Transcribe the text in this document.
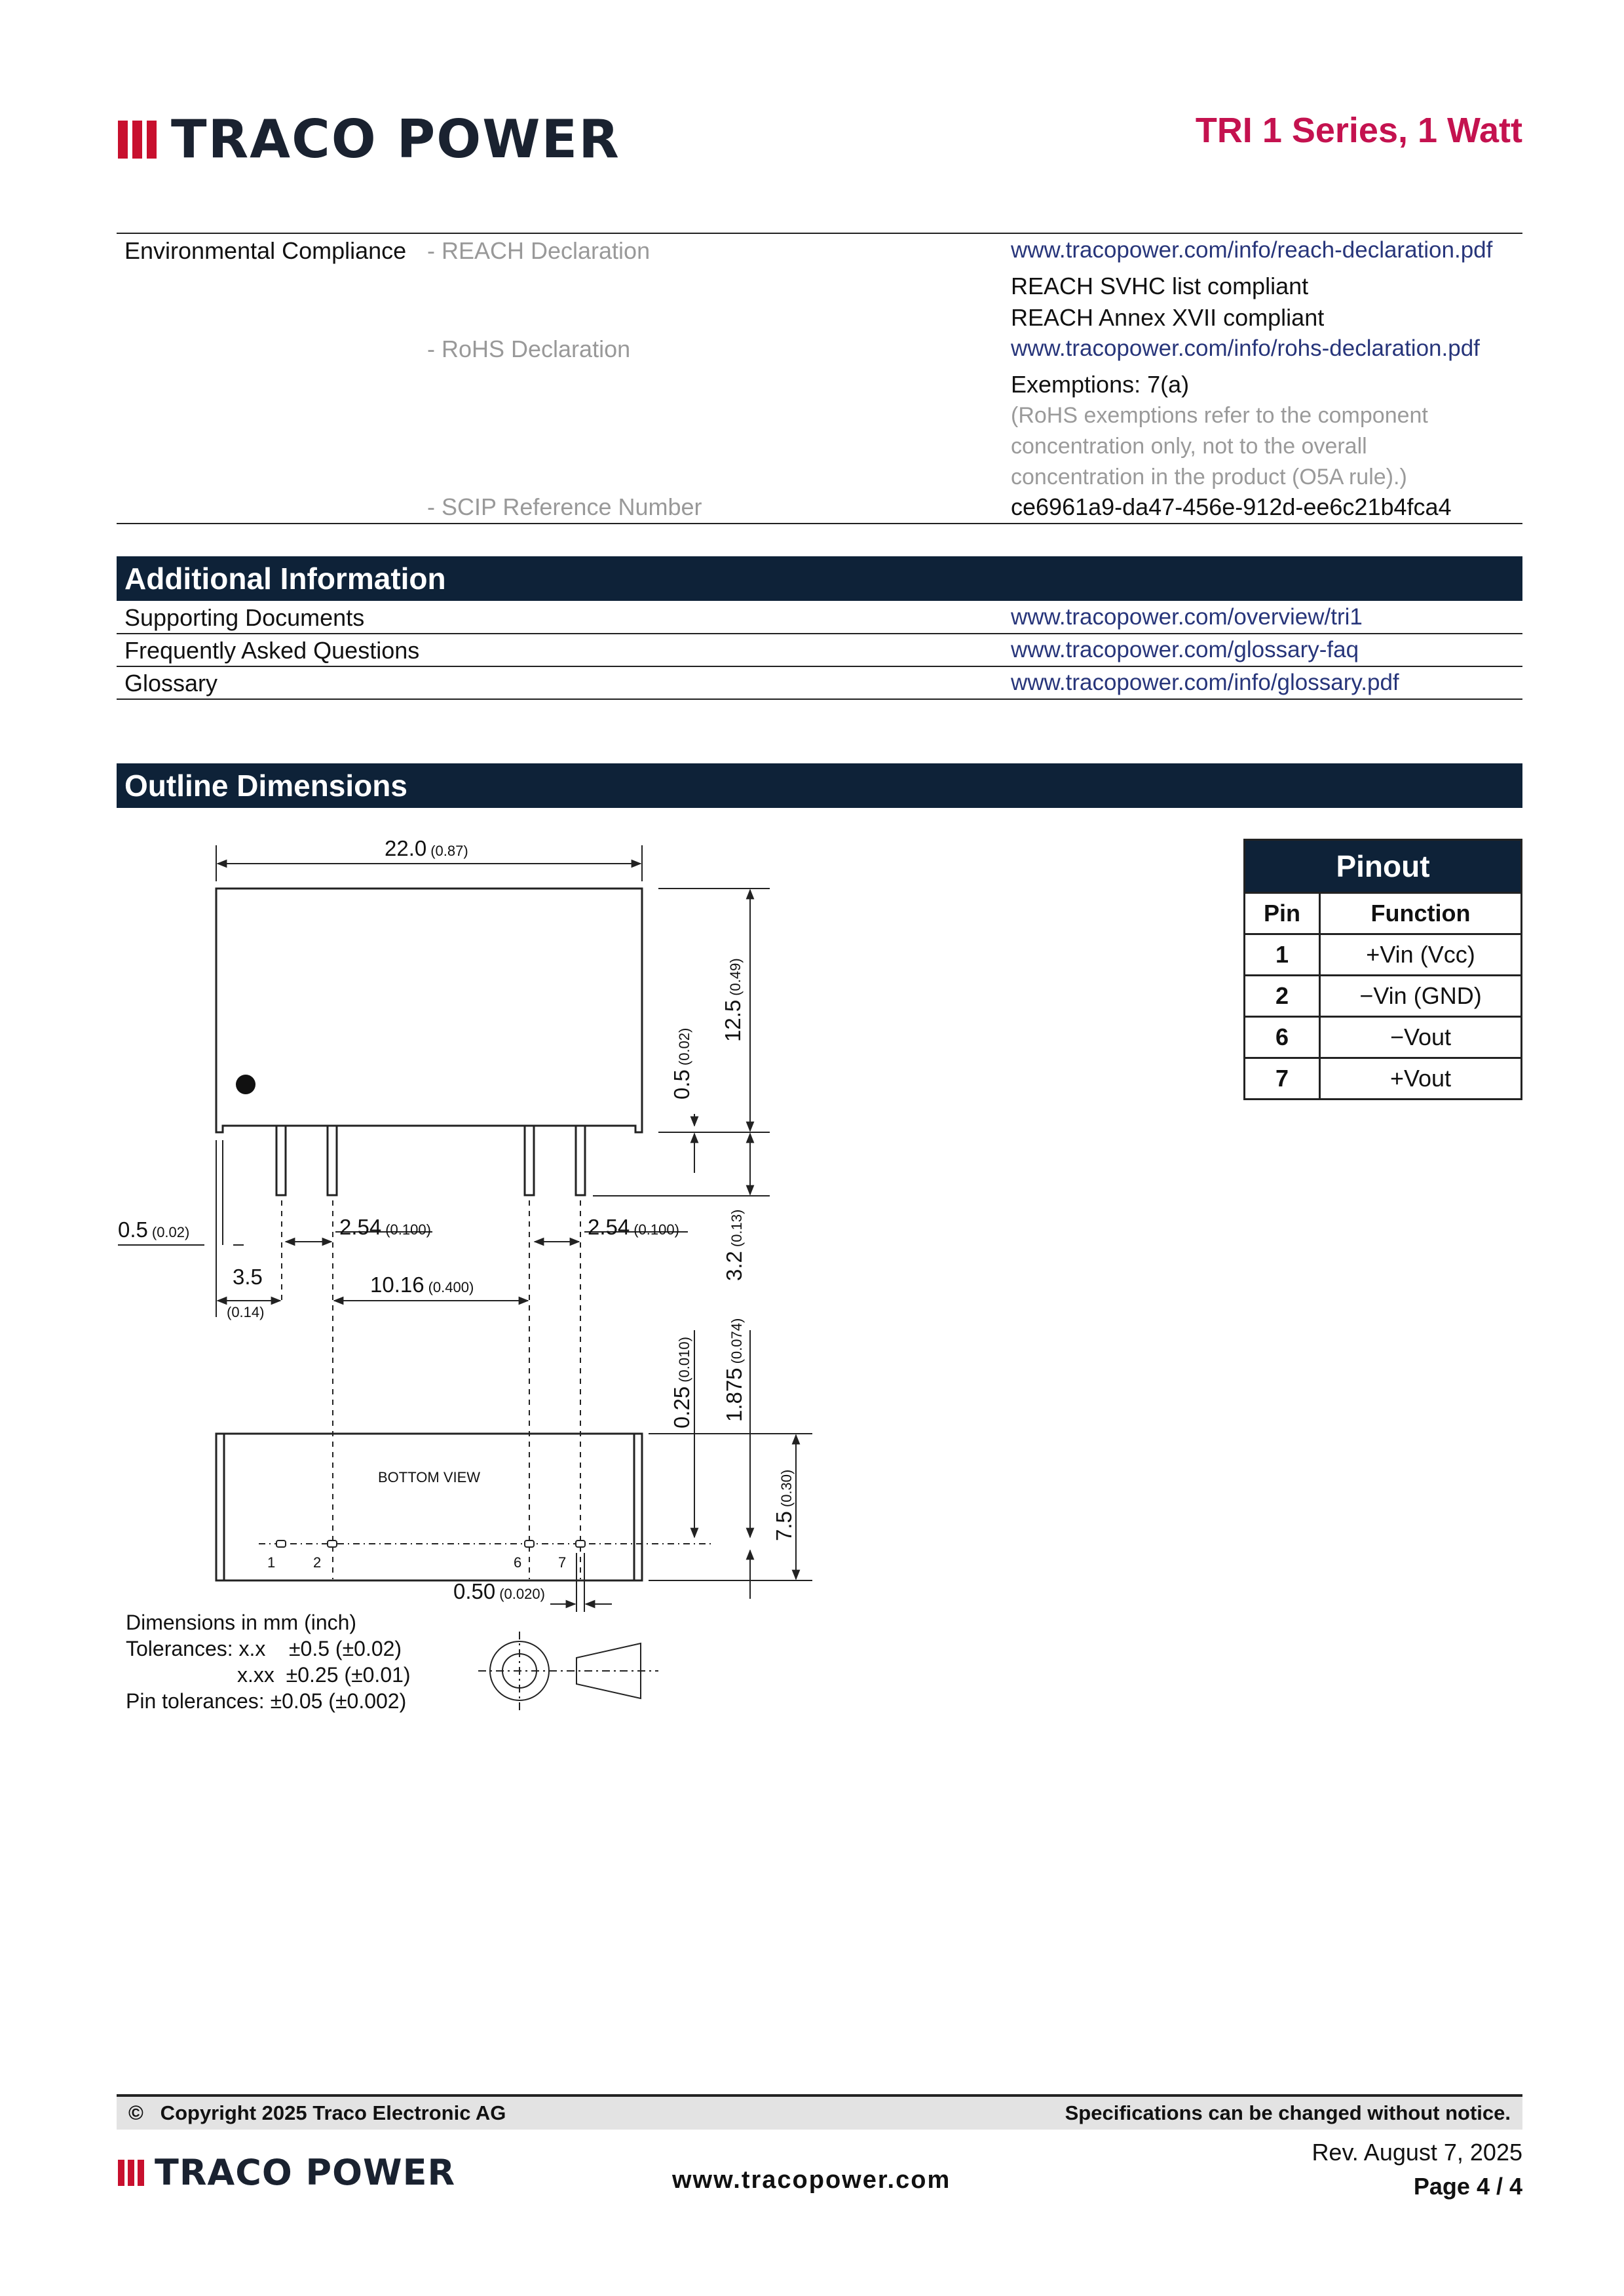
TRACO POWER	TRI 1 Series, 1 Watt
Environmental Compliance - REACH Declaration	www.tracopower.com/info/reach-declaration.pdf
REACH SVHC list compliant
REACH Annex XVII compliant
- RoHS Declaration	www.tracopower.com/info/rohs-declaration.pdf
Exemptions: 7(a)
(RoHS exemptions refer to the component concentration only, not to the overall concentration in the product (O5A rule).)
- SCIP Reference Number	ce6961a9-da47-456e-912d-ee6c21b4fca4
Additional Information
Supporting Documents	www.tracopower.com/overview/tri1
Frequently Asked Questions	www.tracopower.com/glossary-faq
Glossary	www.tracopower.com/info/glossary.pdf
Outline Dimensions
22.0 (0.87)
12.5(0.49)
0.5(0.02)
3.2(0.13)
0.5 (0.02)	2.54 (0.100)	2.54 (0.100)
3.5
(0.14)
10.16 (0.400)
0.25(0.010)
1.875(0.074)
7.5(0.30)
0.50 (0.020)
BOTTOM VIEW
1	2	6	7
Dimensions in mm (inch)
Tolerances: x.x    ±0.5 (±0.02)
x.xx  ±0.25 (±0.01)
Pin tolerances: ±0.05 (±0.002)
Pinout	
Pin	Function
1	+Vin (Vcc)
2	−Vin (GND)
6	−Vout
7	+Vout
©   Copyright 2025 Traco Electronic AG	Specifications can be changed without notice.
TRACO POWER	www.tracopower.com
Rev. August 7, 2025
Page 4 / 4
